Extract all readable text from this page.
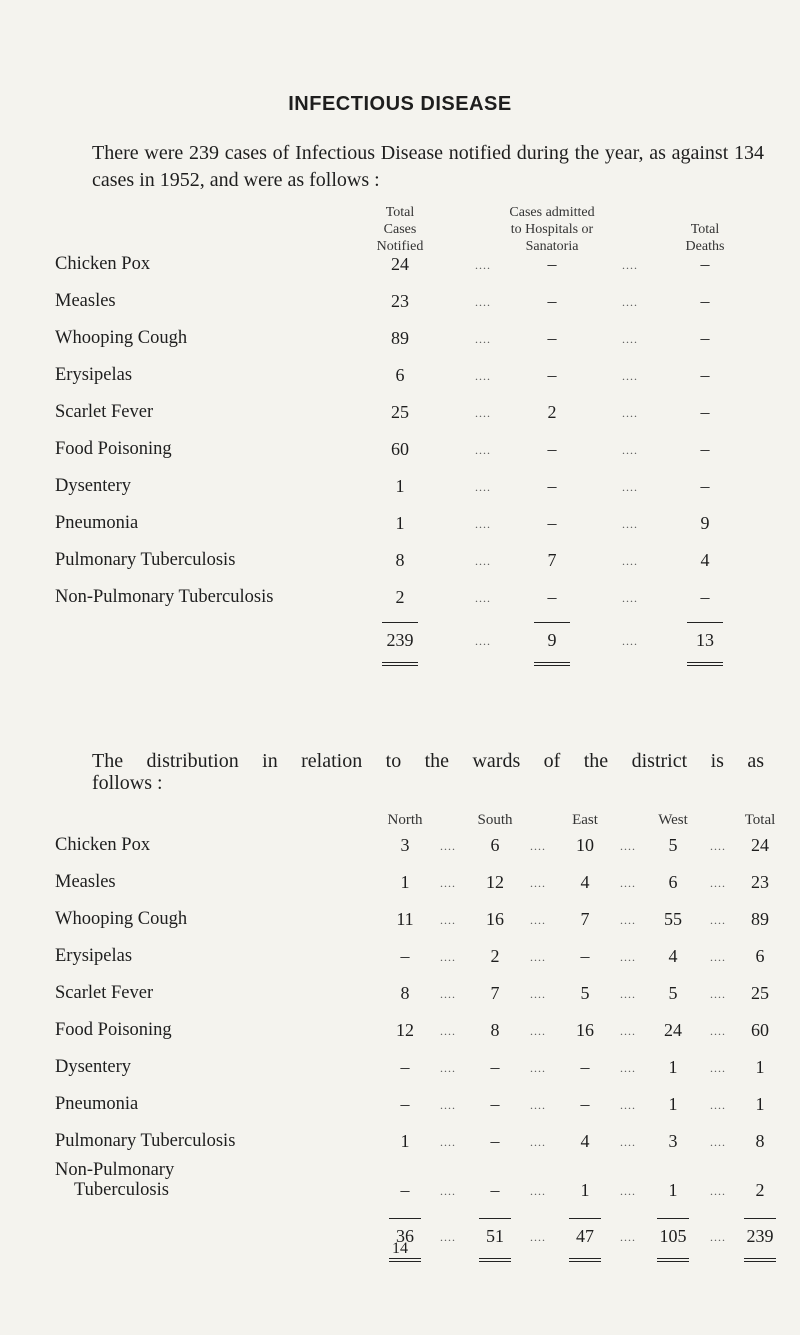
INFECTIOUS DISEASE
There were 239 cases of Infectious Disease notified during the year, as against 134 cases in 1952, and were as follows :
Total
Cases
Notified
Cases admitted
to Hospitals or
Sanatoria
Total
Deaths
Chicken Pox	24	–	–
....	....
Measles	23	–	–
....	....
Whooping Cough	89	–	–
....	....
Erysipelas	6	–	–
....	....
Scarlet Fever	25	2	–
....	....
Food Poisoning	60	–	–
....	....
Dysentery	1	–	–
....	....
Pneumonia	1	–	9
....	....
Pulmonary Tuberculosis	8	7	4
....	....
Non-Pulmonary Tuberculosis	2	–	–
....	....
239	9	13
....	....
The distribution in relation to the wards of the district is as
follows :
North	South	East	West	Total
Chicken Pox	3	6	10	5	24
....	....	....	....
Measles	1	12	4	6	23
....	....	....	....
Whooping Cough	11	16	7	55	89
....	....	....	....
Erysipelas	–	2	–	4	6
....	....	....	....
Scarlet Fever	8	7	5	5	25
....	....	....	....
Food Poisoning	12	8	16	24	60
....	....	....	....
Dysentery	–	–	–	1	1
....	....	....	....
Pneumonia	–	–	–	1	1
....	....	....	....
Pulmonary Tuberculosis	1	–	4	3	8
....	....	....	....
Non-Pulmonary
Tuberculosis	–	–	1	1	2
....	....	....	....
36	51	47	105	239
....	....	....	....
14
